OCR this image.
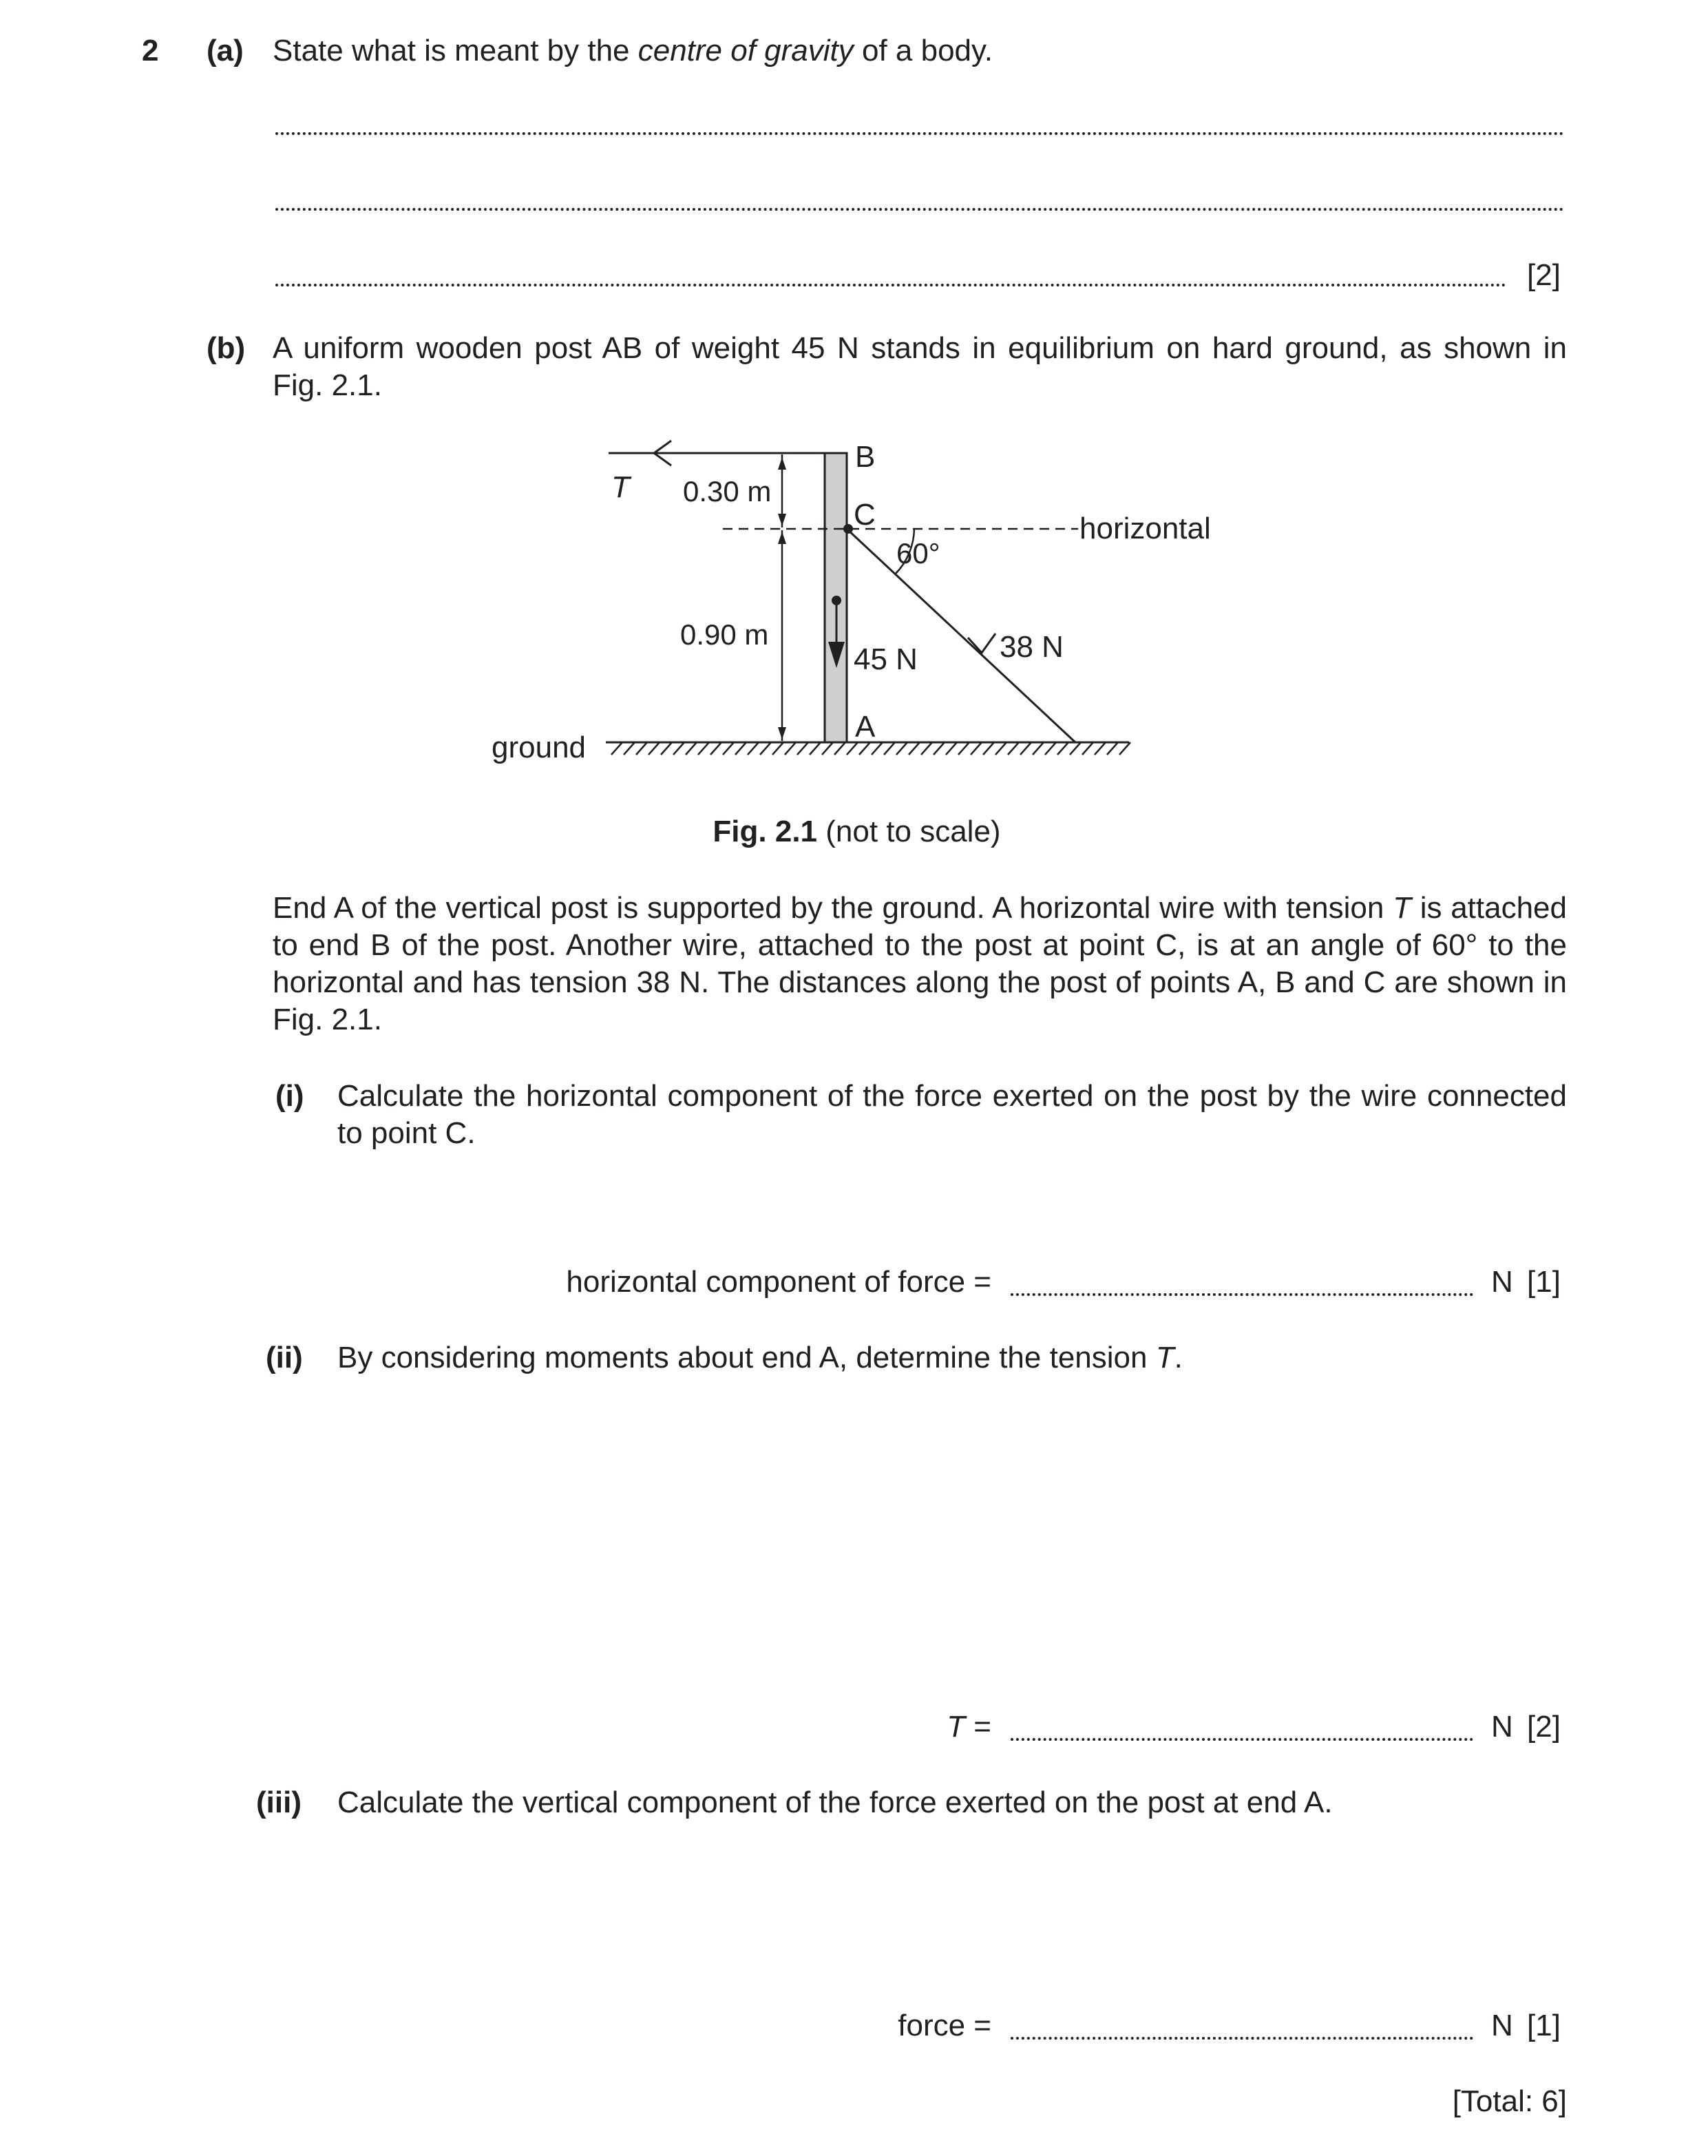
2 (a) State what is meant by the centre of gravity of a body.
[2]
(b) A uniform wooden post AB of weight 45 N stands in equilibrium on hard ground, as shown in
Fig. 2.1.
B
C
A
T 0.30 m
0.90 m
60°
horizontal
45 N	38 N
ground
Fig. 2.1 (not to scale)
End A of the vertical post is supported by the ground. A horizontal wire with tension T is attached to end B of the post. Another wire, attached to the post at point C, is at an angle of 60° to the horizontal and has tension 38 N. The distances along the post of points A, B and C are shown in Fig. 2.1.
(i) Calculate the horizontal component of the force exerted on the post by the wire connected
to point C.
horizontal component of force =	N [1]
(ii) By considering moments about end A, determine the tension T.
T =	N [2]
(iii) Calculate the vertical component of the force exerted on the post at end A.
force =	N [1]
[Total: 6]
